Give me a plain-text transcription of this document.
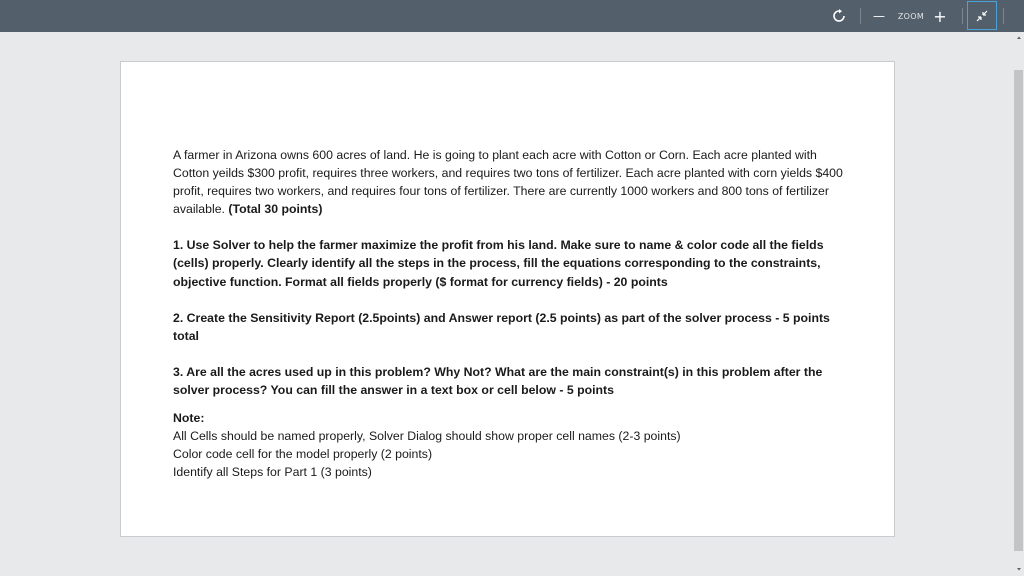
—	ZOOM +

A farmer in Arizona owns 600 acres of land. He is going to plant each acre with Cotton or Corn. Each acre planted with Cotton yeilds $300 profit, requires three workers, and requires two tons of fertilizer. Each acre planted with corn yields $400 profit, requires two workers, and requires four tons of fertilizer. There are currently 1000 workers and 800 tons of fertilizer available. (Total 30 points)

1. Use Solver to help the farmer maximize the profit from his land. Make sure to name & color code all the fields (cells) properly. Clearly identify all the steps in the process, fill the equations corresponding to the constraints, objective function. Format all fields properly ($ format for currency fields) - 20 points

2. Create the Sensitivity Report (2.5points) and Answer report (2.5 points) as part of the solver process - 5 points total

3. Are all the acres used up in this problem? Why Not? What are the main constraint(s) in this problem after the solver process? You can fill the answer in a text box or cell below - 5 points

Note:

All Cells should be named properly, Solver Dialog should show proper cell names (2-3 points)

Color code cell for the model properly (2 points)

Identify all Steps for Part 1 (3 points)
